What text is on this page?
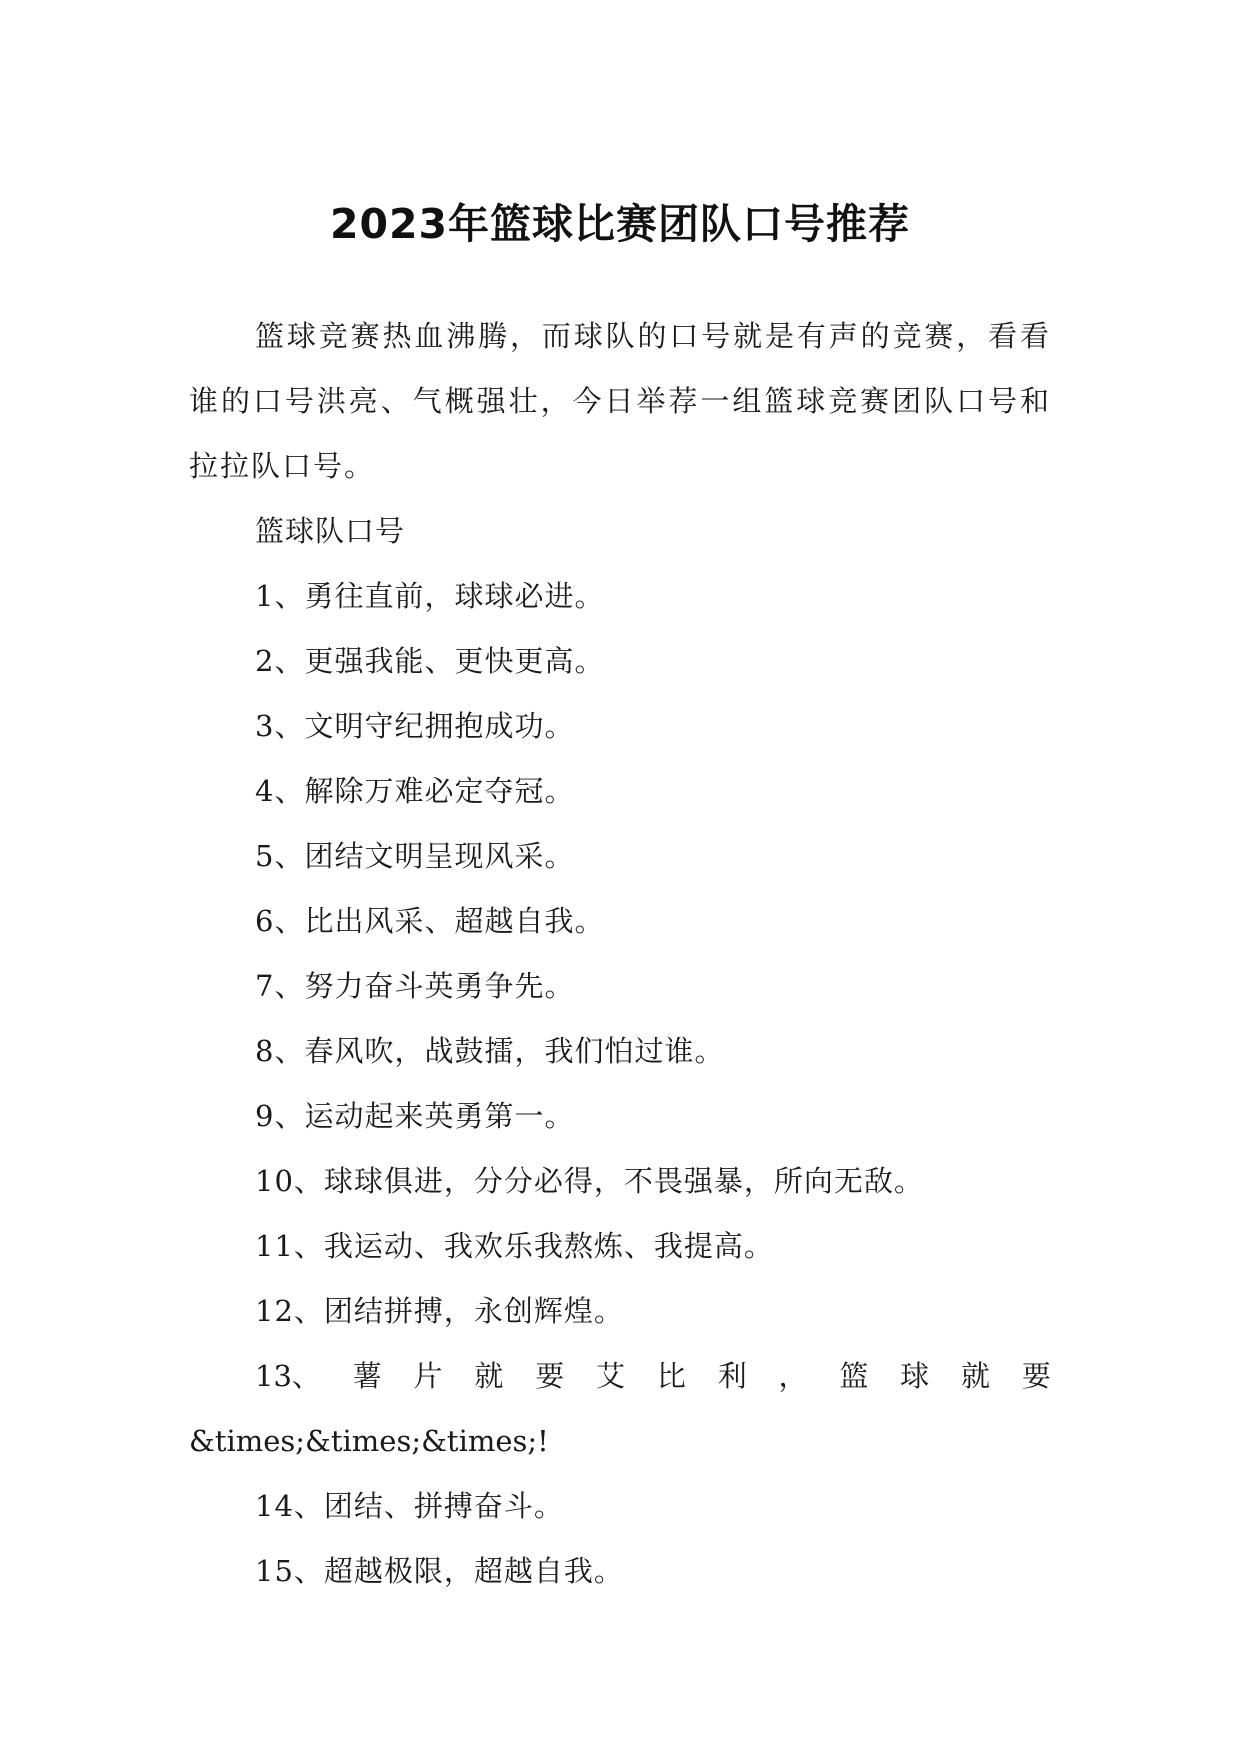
2023年篮球比赛团队口号推荐

篮球竞赛热血沸腾，而球队的口号就是有声的竞赛，看看谁的口号洪亮、气概强壮，今日举荐一组篮球竞赛团队口号和拉拉队口号。

篮球队口号

1、勇往直前，球球必进。

2、更强我能、更快更高。

3、文明守纪拥抱成功。

4、解除万难必定夺冠。

5、团结文明呈现风采。

6、比出风采、超越自我。

7、努力奋斗英勇争先。

8、春风吹，战鼓擂，我们怕过谁。

9、运动起来英勇第一。

10、球球俱进，分分必得，不畏强暴，所向无敌。

11、我运动、我欢乐我熬炼、我提高。

12、团结拼搏，永创辉煌。

13、 薯 片 就 要 艾 比 利 ， 篮 球 就 要

&times;&times;&times;!

14、团结、拼搏奋斗。

15、超越极限，超越自我。
